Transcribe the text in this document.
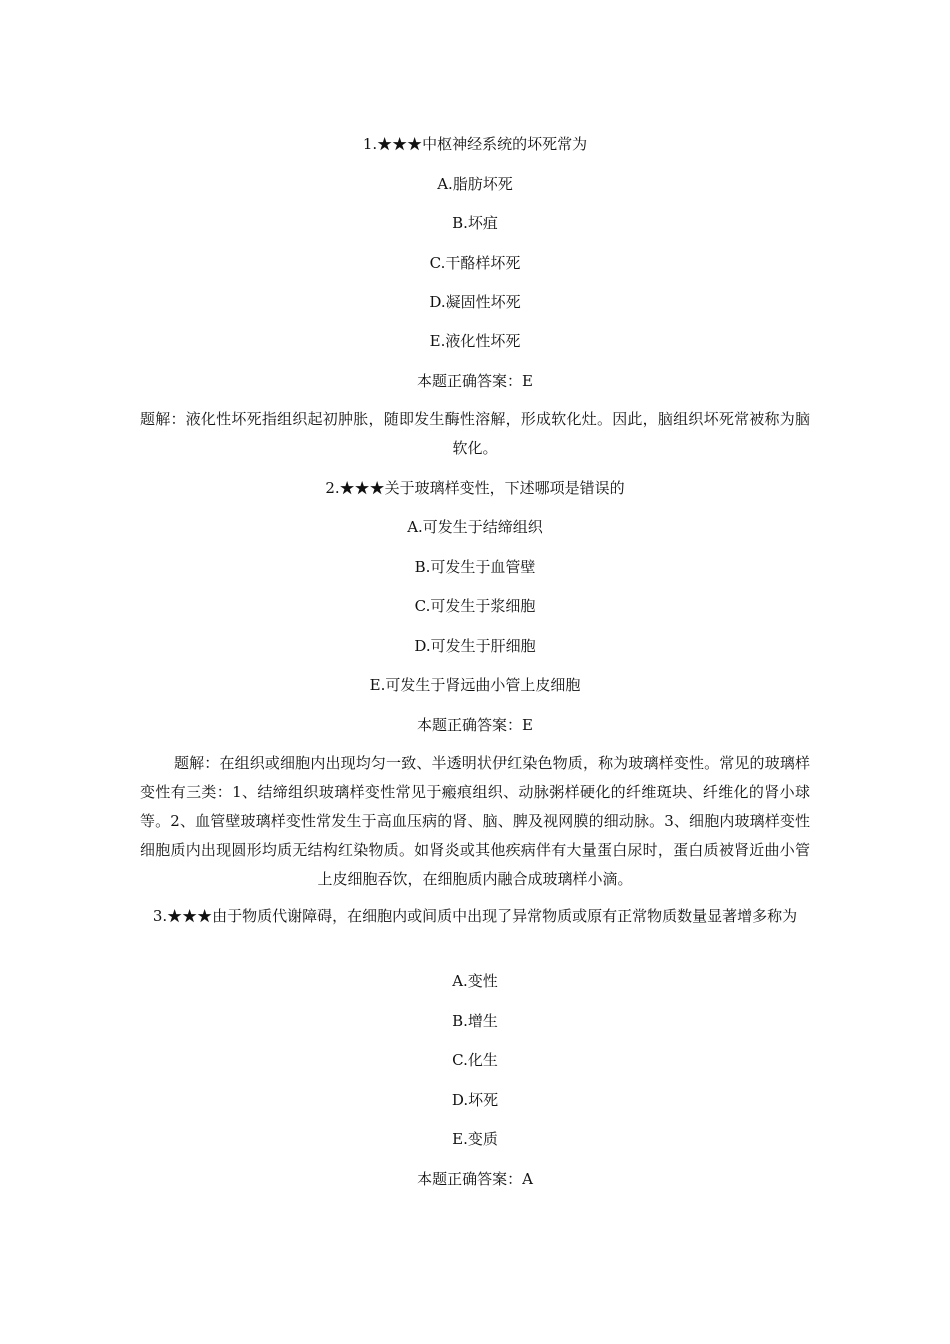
1.★★★中枢神经系统的坏死常为
A.脂肪坏死
B.坏疽
C.干酪样坏死
D.凝固性坏死
E.液化性坏死
本题正确答案：E
题解：液化性坏死指组织起初肿胀，随即发生酶性溶解，形成软化灶。因此，脑组织坏死常被称为脑软化。
2.★★★关于玻璃样变性，下述哪项是错误的
A.可发生于结缔组织
B.可发生于血管壁
C.可发生于浆细胞
D.可发生于肝细胞
E.可发生于肾远曲小管上皮细胞
本题正确答案：E
题解：在组织或细胞内出现均匀一致、半透明状伊红染色物质，称为玻璃样变性。常见的玻璃样变性有三类：1、结缔组织玻璃样变性常见于瘢痕组织、动脉粥样硬化的纤维斑块、纤维化的肾小球等。2、血管壁玻璃样变性常发生于高血压病的肾、脑、脾及视网膜的细动脉。3、细胞内玻璃样变性细胞质内出现圆形均质无结构红染物质。如肾炎或其他疾病伴有大量蛋白尿时，蛋白质被肾近曲小管上皮细胞吞饮，在细胞质内融合成玻璃样小滴。
3.★★★由于物质代谢障碍，在细胞内或间质中出现了异常物质或原有正常物质数量显著增多称为
A.变性
B.增生
C.化生
D.坏死
E.变质
本题正确答案：A
